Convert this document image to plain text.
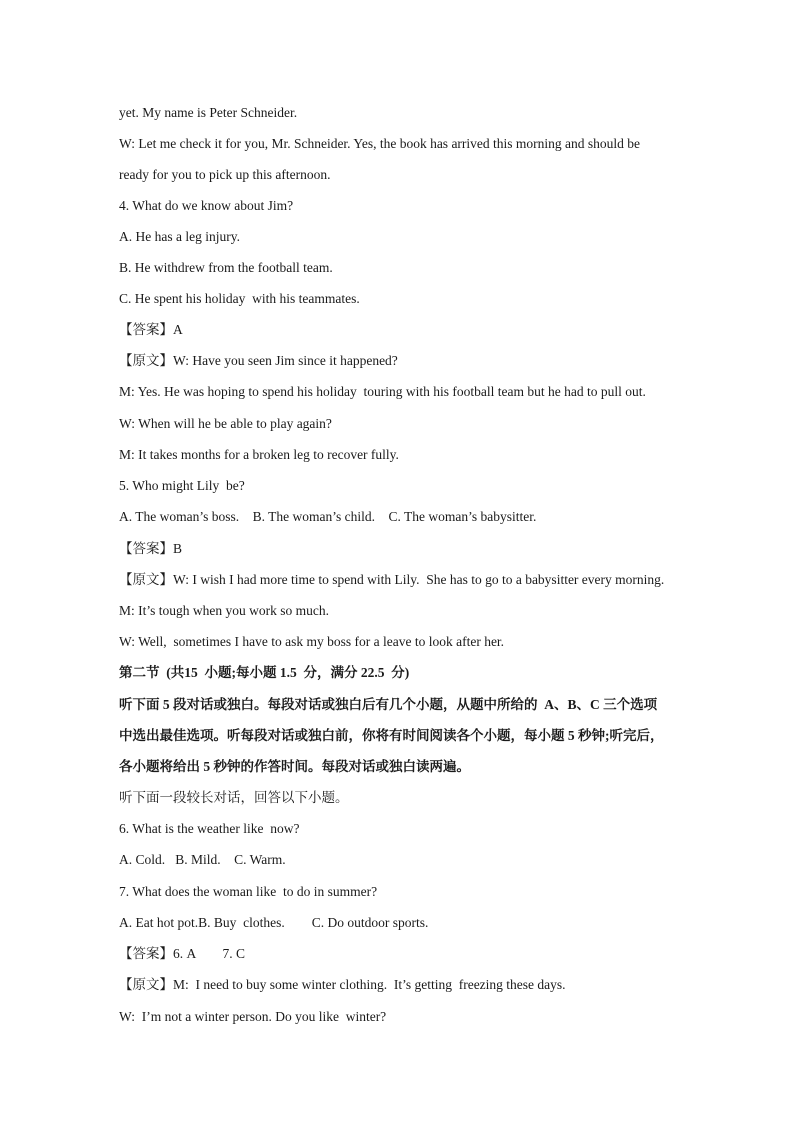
yet. My name is Peter Schneider.
W: Let me check it for you, Mr. Schneider. Yes, the book has arrived this morning and should be
ready for you to pick up this afternoon.
4. What do we know about Jim?
A. He has a leg injury.
B. He withdrew from the football team.
C. He spent his holiday  with his teammates.
【答案】A
【原文】W: Have you seen Jim since it happened?
M: Yes. He was hoping to spend his holiday  touring with his football team but he had to pull out.
W: When will he be able to play again?
M: It takes months for a broken leg to recover fully.
5. Who might Lily  be?
A. The woman’s boss.    B. The woman’s child.    C. The woman’s babysitter.
【答案】B
【原文】W: I wish I had more time to spend with Lily.  She has to go to a babysitter every morning.
M: It’s tough when you work so much.
W: Well,  sometimes I have to ask my boss for a leave to look after her.
第二节  (共15  小题;每小题 1.5  分，满分 22.5  分)
听下面 5 段对话或独白。每段对话或独白后有几个小题，从题中所给的  A、B、C 三个选项
中选出最佳选项。听每段对话或独白前，你将有时间阅读各个小题，每小题 5 秒钟;听完后，
各小题将给出 5 秒钟的作答时间。每段对话或独白读两遍。
听下面一段较长对话，回答以下小题。
6. What is the weather like  now?
A. Cold.   B. Mild.    C. Warm.
7. What does the woman like  to do in summer?
A. Eat hot pot.B. Buy  clothes.        C. Do outdoor sports.
【答案】6. A        7. C
【原文】M:  I need to buy some winter clothing.  It’s getting  freezing these days.
W:  I’m not a winter person. Do you like  winter?
